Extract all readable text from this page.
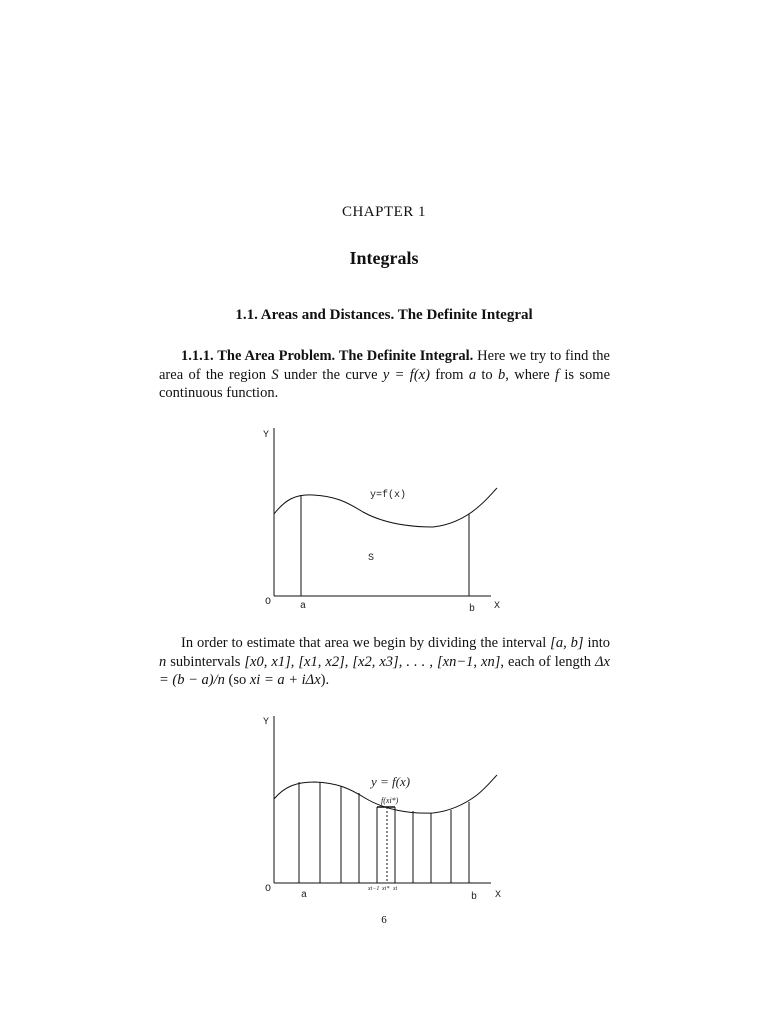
CHAPTER 1
Integrals
1.1. Areas and Distances. The Definite Integral
1.1.1. The Area Problem. The Definite Integral. Here we try to find the area of the region S under the curve y = f(x) from a to b, where f is some continuous function.
Y
O	a	b X
y=f(x)
S
In order to estimate that area we begin by dividing the interval [a, b] into n subintervals [x0, x1], [x1, x2], [x2, x3], . . . , [xn−1, xn], each of length Δx = (b − a)/n (so xi = a + iΔx).
Y
O
a	b X
y = f(x)
f(xi*)
xi−1 xi* xi
6
